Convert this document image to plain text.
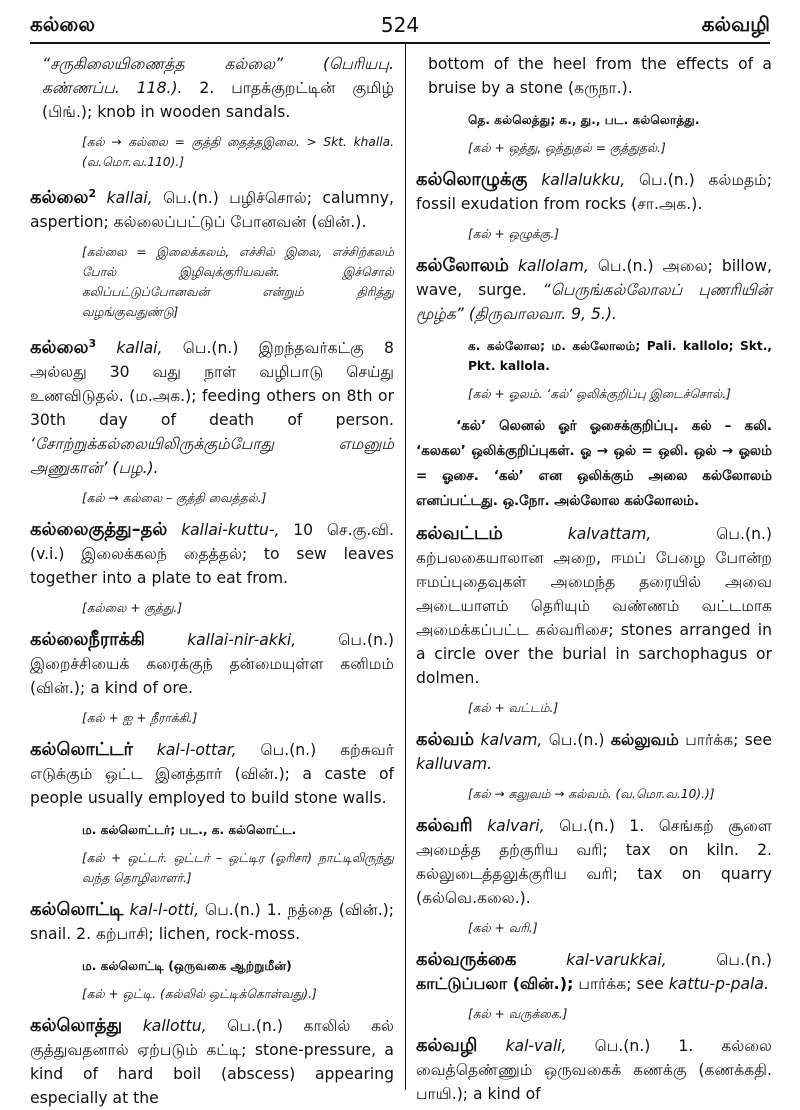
கல்லை	524	கல்வழி
“சருகிலையிணைத்த கல்லை” (பெரியபு. கண்ணப்ப. 118.). 2. பாதக்குறட்டின் குமிழ் (பிங்.); knob in wooden sandals.
[கல் → கல்லை = குத்தி தைத்தஇலை. > Skt. khalla. (வ.மொ.வ.110).]
கல்லை$^2$ kallai, பெ.(n.) பழிச்சொல்; calumny, aspertion; கல்லைப்பட்டுப் போனவன் (வின்.).
[கல்லை = இலைக்கலம், எச்சில் இலை, எச்சிற்கலம் போல் இழிவுக்குரியவன். இச்சொல் கலிப்பட்டுப்போனவன் என்றும் திரித்து வழங்குவதுண்டு]
கல்லை$^3$ kallai, பெ.(n.) இறந்தவர்கட்கு 8 அல்லது 30 வது நாள் வழிபாடு செய்து உணவிடுதல். (ம.அக.); feeding others on 8th or 30th day of death of person. ‘சோற்றுக்கல்லையிலிருக்கும்போது எமனும் அணுகான்’ (பழ.).
[கல் → கல்லை – குத்தி வைத்தல்.]
கல்லைகுத்து–தல் kallai-kuttu-, 10 செ.கு.வி.(v.i.) இலைக்கலந் தைத்தல்; to sew leaves together into a plate to eat from.
[கல்லை + குத்து.]
கல்லைநீராக்கி kallai-nir-akki, பெ.(n.) இறைச்சியைக் கரைக்குந் தன்மையுள்ள கனிமம் (வின்.); a kind of ore.
[கல் + ஐ + நீராக்கி.]
கல்லொட்டர் kal-l-ottar, பெ.(n.) கற்சுவர் எடுக்கும் ஒட்ட இனத்தார் (வின்.); a caste of people usually employed to build stone walls.
ம. கல்லொட்டர்; பட., க. கல்லொட்ட.
[கல் + ஒட்டர். ஒட்டர் – ஒட்டிர (ஓரிசா) நாட்டிலிருந்து வந்த தொழிலாளர்.]
கல்லொட்டி kal-l-otti, பெ.(n.) 1. நத்தை (வின்.); snail. 2. கற்பாசி; lichen, rock-moss.
ம. கல்லொட்டி (ஒருவகை ஆற்றுமீன்)
[கல் + ஒட்டி. (கல்லில் ஒட்டிக்கொள்வது).]
கல்லொத்து kallottu, பெ.(n.) காலில் கல் குத்துவதனால் ஏற்படும் கட்டி; stone-pressure, a kind of hard boil (abscess) appearing especially at the
bottom of the heel from the effects of a bruise by a stone (கருநா.).
தெ. கல்லெத்து; க., து., பட. கல்லொத்து.
[கல் + ஒத்து, ஒத்துதல் = குத்துதல்.]
கல்லொழுக்கு kallalukku, பெ.(n.) கல்மதம்; fossil exudation from rocks (சா.அக.).
[கல் + ஒழுக்கு.]
கல்லோலம் kallolam, பெ.(n.) அலை; billow, wave, surge. “பெருங்கல்லோலப் புணரியின் மூழ்க” (திருவாலவா. 9, 5.).
க. கல்லோல; ம. கல்லோலம்; Pali. kallolo; Skt., Pkt. kallola.
[கல் + ஓலம். ‘கல்’ ஒலிக்குறிப்பு இடைச்சொல்.]
‘கல்’ லெனல் ஓர் ஓசைக்குறிப்பு. கல் – கலி. ‘கலகல’ ஒலிக்குறிப்புகள். ஓ → ஒல் = ஒலி. ஒல் → ஓலம் = ஓசை. ‘கல்’ என ஒலிக்கும் அலை கல்லோலம் எனப்பட்டது. ஒ.நோ. அல்லோல கல்லோலம்.
கல்வட்டம் kalvattam, பெ.(n.) கற்பலகையாலான அறை, ஈமப் பேழை போன்ற ஈமப்புதைவுகள் அமைந்த தரையில் அவை அடையாளம் தெரியும் வண்ணம் வட்டமாக அமைக்கப்பட்ட கல்வரிசை; stones arranged in a circle over the burial in sarchophagus or dolmen.
[கல் + வட்டம்.]
கல்வம் kalvam, பெ.(n.) கல்லுவம் பார்க்க; see kalluvam.
[கல் → கலுவம் → கல்வம். (வ.மொ.வ.10).)]
கல்வரி kalvari, பெ.(n.) 1. செங்கற் சூளை அமைத்த தற்குரிய வரி; tax on kiln. 2. கல்லுடைத்தலுக்குரிய வரி; tax on quarry (கல்வெ.கலை.).
[கல் + வரி.]
கல்வருக்கை kal-varukkai, பெ.(n.) காட்டுப்பலா (வின்.); பார்க்க; see kattu-p-pala.
[கல் + வருக்கை.]
கல்வழி kal-vali, பெ.(n.) 1. கல்லை வைத்தெண்ணும் ஒருவகைக் கணக்கு (கணக்கதி. பாயி.); a kind of
